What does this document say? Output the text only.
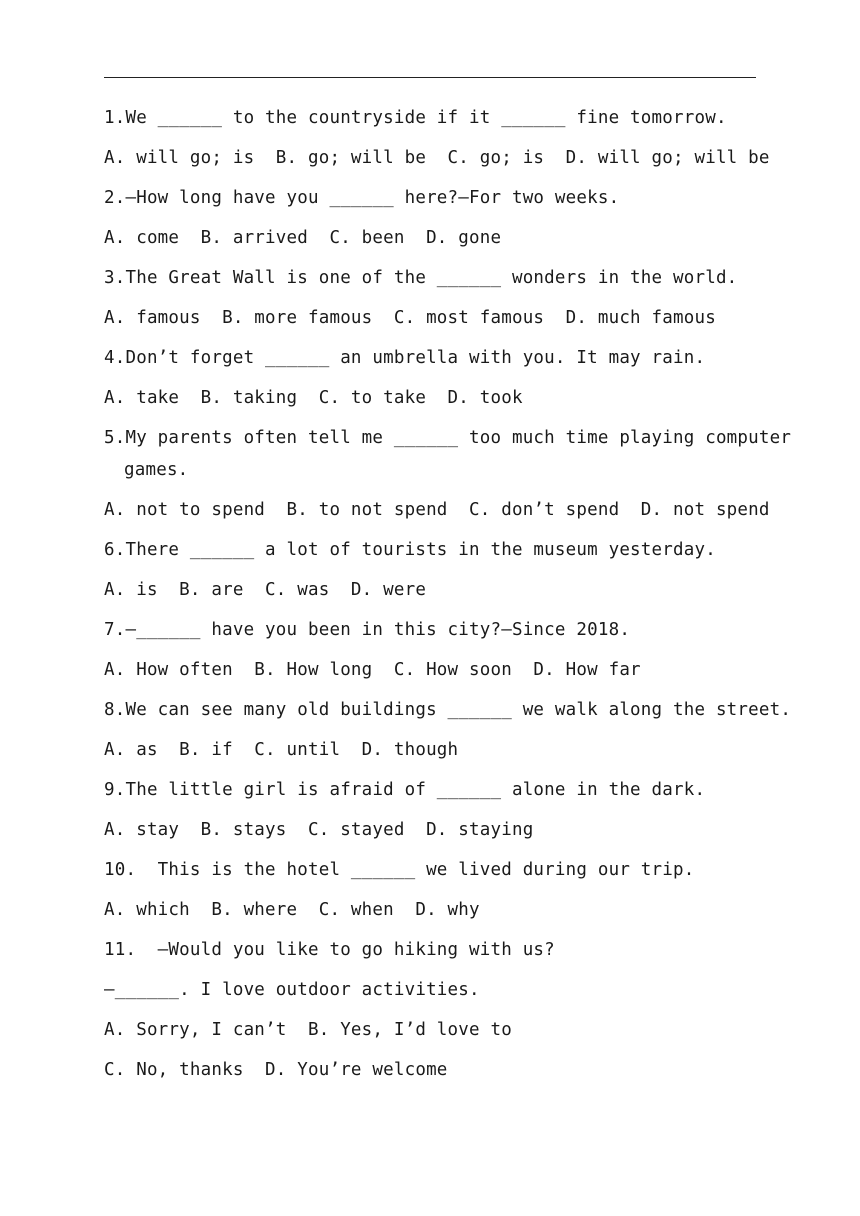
1.We ______ to the countryside if it ______ fine tomorrow.
A. will go; is  B. go; will be  C. go; is  D. will go; will be
2.—How long have you ______ here?—For two weeks.
A. come  B. arrived  C. been  D. gone
3.The Great Wall is one of the ______ wonders in the world.
A. famous  B. more famous  C. most famous  D. much famous
4.Don’t forget ______ an umbrella with you. It may rain.
A. take  B. taking  C. to take  D. took
5.My parents often tell me ______ too much time playing computer
games.
A. not to spend  B. to not spend  C. don’t spend  D. not spend
6.There ______ a lot of tourists in the museum yesterday.
A. is  B. are  C. was  D. were
7.—______ have you been in this city?—Since 2018.
A. How often  B. How long  C. How soon  D. How far
8.We can see many old buildings ______ we walk along the street.
A. as  B. if  C. until  D. though
9.The little girl is afraid of ______ alone in the dark.
A. stay  B. stays  C. stayed  D. staying
10.  This is the hotel ______ we lived during our trip.
A. which  B. where  C. when  D. why
11.  —Would you like to go hiking with us?
—______. I love outdoor activities.
A. Sorry, I can’t  B. Yes, I’d love to
C. No, thanks  D. You’re welcome
